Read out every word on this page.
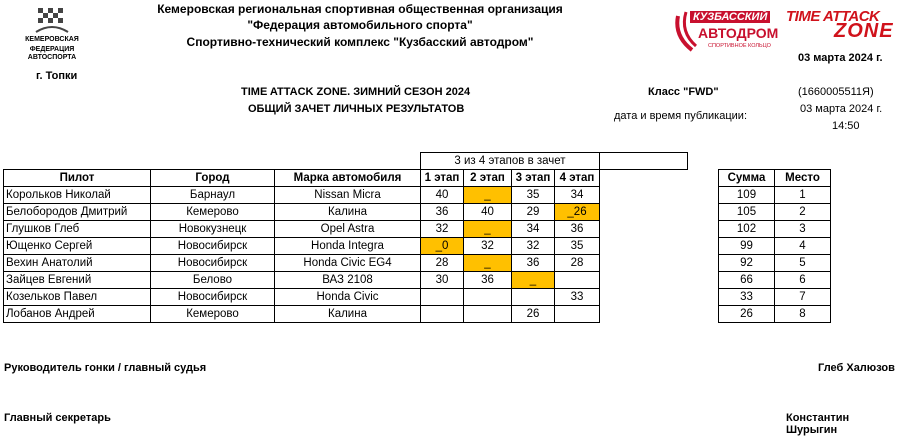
Кемеровская региональная спортивная общественная организация
"Федерация автомобильного спорта"
Спортивно-технический комплекс "Кузбасский автодром"
КЕМЕРОВСКАЯ
ФЕДЕРАЦИЯ АВТОСПОРТА
КУЗБАССКИЙ
АВТОДРОМ
СПОРТИВНОЕ КОЛЬЦО
TIME ATTACK
ZONE
03 марта 2024 г.
г. Топки
TIME ATTACK ZONE. ЗИМНИЙ СЕЗОН 2024
ОБЩИЙ ЗАЧЕТ ЛИЧНЫХ РЕЗУЛЬТАТОВ
Класс "FWD"	(1660005511Я)
дата и время публикации:
03 марта 2024 г.
14:50
			3 из 4 этапов в зачет							
Пилот	Город	Марка автомобиля	1 этап	2 этап	3 этап	4 этап			Сумма	Место
Корольков Николай	Барнаул	Nissan Micra	40	_	35	34			109	1
Белобородов Дмитрий	Кемерово	Калина	36	40	29	_26			105	2
Глушков Глеб	Новокузнецк	Opel Astra	32	_	34	36			102	3
Ющенко Сергей	Новосибирск	Honda Integra	_0	32	32	35			99	4
Вехин Анатолий	Новосибирск	Honda Civic EG4	28	_	36	28			92	5
Зайцев Евгений	Белово	ВАЗ 2108	30	36	_				66	6
Козельков Павел	Новосибирск	Honda Civic				33			33	7
Лобанов Андрей	Кемерово	Калина			26				26	8
Руководитель гонки / главный судья	Глеб Халюзов
Главный секретарь	Константин Шурыгин
